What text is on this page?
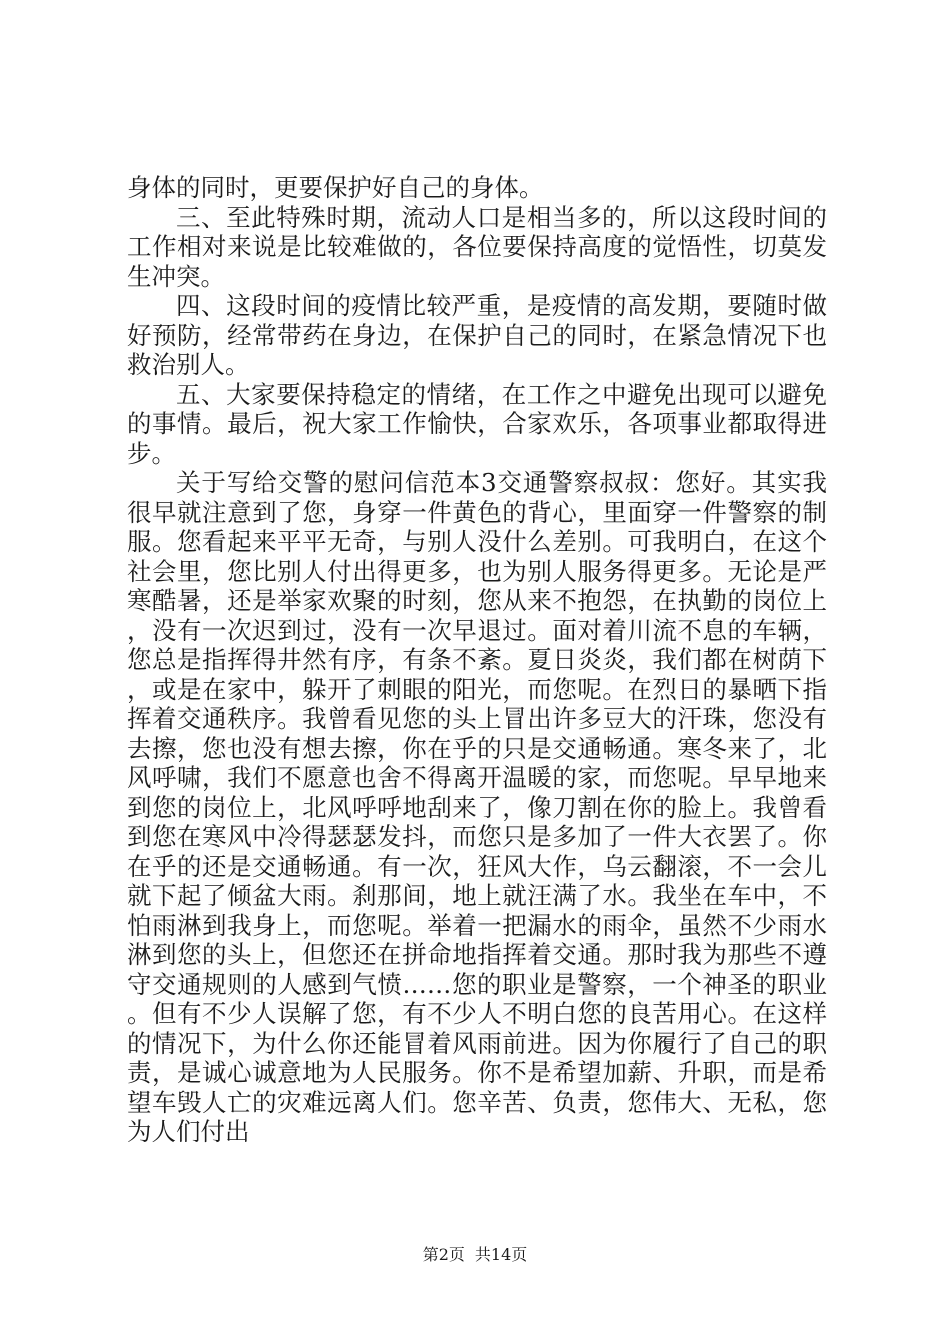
身体的同时，更要保护好自己的身体。

三、至此特殊时期，流动人口是相当多的，所以这段时间的工作相对来说是比较难做的，各位要保持高度的觉悟性，切莫发生冲突。

四、这段时间的疫情比较严重，是疫情的高发期，要随时做好预防，经常带药在身边，在保护自己的同时，在紧急情况下也救治别人。

五、大家要保持稳定的情绪，在工作之中避免出现可以避免的事情。最后，祝大家工作愉快，合家欢乐，各项事业都取得进步。

关于写给交警的慰问信范本3交通警察叔叔：您好。其实我很早就注意到了您，身穿一件黄色的背心，里面穿一件警察的制服。您看起来平平无奇，与别人没什么差别。可我明白，在这个社会里，您比别人付出得更多，也为别人服务得更多。无论是严寒酷暑，还是举家欢聚的时刻，您从来不抱怨，在执勤的岗位上，没有一次迟到过，没有一次早退过。面对着川流不息的车辆，您总是指挥得井然有序，有条不紊。夏日炎炎，我们都在树荫下，或是在家中，躲开了刺眼的阳光，而您呢。在烈日的暴晒下指挥着交通秩序。我曾看见您的头上冒出许多豆大的汗珠，您没有去擦，您也没有想去擦，你在乎的只是交通畅通。寒冬来了，北风呼啸，我们不愿意也舍不得离开温暖的家，而您呢。早早地来到您的岗位上，北风呼呼地刮来了，像刀割在你的脸上。我曾看到您在寒风中冷得瑟瑟发抖，而您只是多加了一件大衣罢了。你在乎的还是交通畅通。有一次，狂风大作，乌云翻滚，不一会儿就下起了倾盆大雨。刹那间，地上就汪满了水。我坐在车中，不怕雨淋到我身上，而您呢。举着一把漏水的雨伞，虽然不少雨水淋到您的头上，但您还在拼命地指挥着交通。那时我为那些不遵守交通规则的人感到气愤……您的职业是警察，一个神圣的职业。但有不少人误解了您，有不少人不明白您的良苦用心。在这样的情况下，为什么你还能冒着风雨前进。因为你履行了自己的职责，是诚心诚意地为人民服务。你不是希望加薪、升职，而是希望车毁人亡的灾难远离人们。您辛苦、负责，您伟大、无私，您为人们付出

第2页 共14页
